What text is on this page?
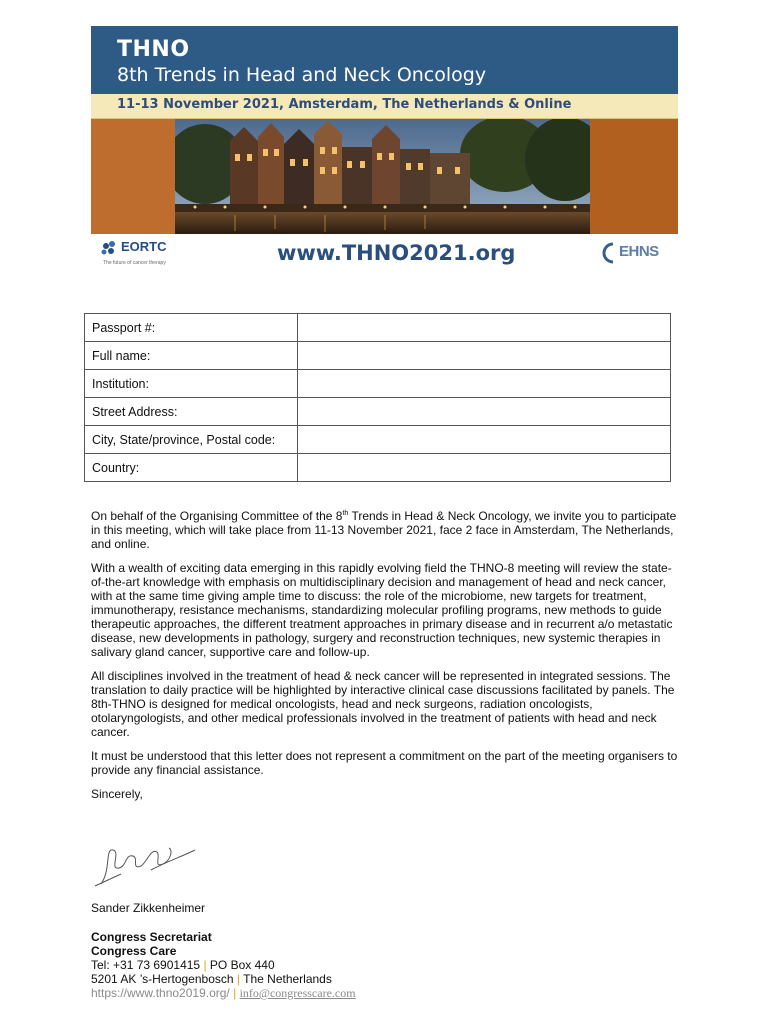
THNO
8th Trends in Head and Neck Oncology
11-13 November 2021, Amsterdam, The Netherlands & Online
EORTC
The future of cancer therapy	www.THNO2021.org	EHNS
Passport #:	
Full name:	
Institution:	
Street Address:	
City, State/province, Postal code:	
Country:	

On behalf of the Organising Committee of the 8th Trends in Head & Neck Oncology, we invite you to participate in this meeting, which will take place from 11-13 November 2021, face 2 face in Amsterdam, The Netherlands, and online.

With a wealth of exciting data emerging in this rapidly evolving field the THNO-8 meeting will review the state-of-the-art knowledge with emphasis on multidisciplinary decision and management of head and neck cancer, with at the same time giving ample time to discuss: the role of the microbiome, new targets for treatment, immunotherapy, resistance mechanisms, standardizing molecular profiling programs, new methods to guide therapeutic approaches, the different treatment approaches in primary disease and in recurrent a/o metastatic disease, new developments in pathology, surgery and reconstruction techniques, new systemic therapies in salivary gland cancer, supportive care and follow-up.

All disciplines involved in the treatment of head & neck cancer will be represented in integrated sessions. The translation to daily practice will be highlighted by interactive clinical case discussions facilitated by panels. The 8th-THNO is designed for medical oncologists, head and neck surgeons, radiation oncologists, otolaryngologists, and other medical professionals involved in the treatment of patients with head and neck cancer.

It must be understood that this letter does not represent a commitment on the part of the meeting organisers to provide any financial assistance.

Sincerely,

Sander Zikkenheimer
Congress Secretariat
Congress Care
Tel: +31 73 6901415 | PO Box 440
5201 AK ’s-Hertogenbosch | The Netherlands
https://www.thno2019.org/ | info@congresscare.com
